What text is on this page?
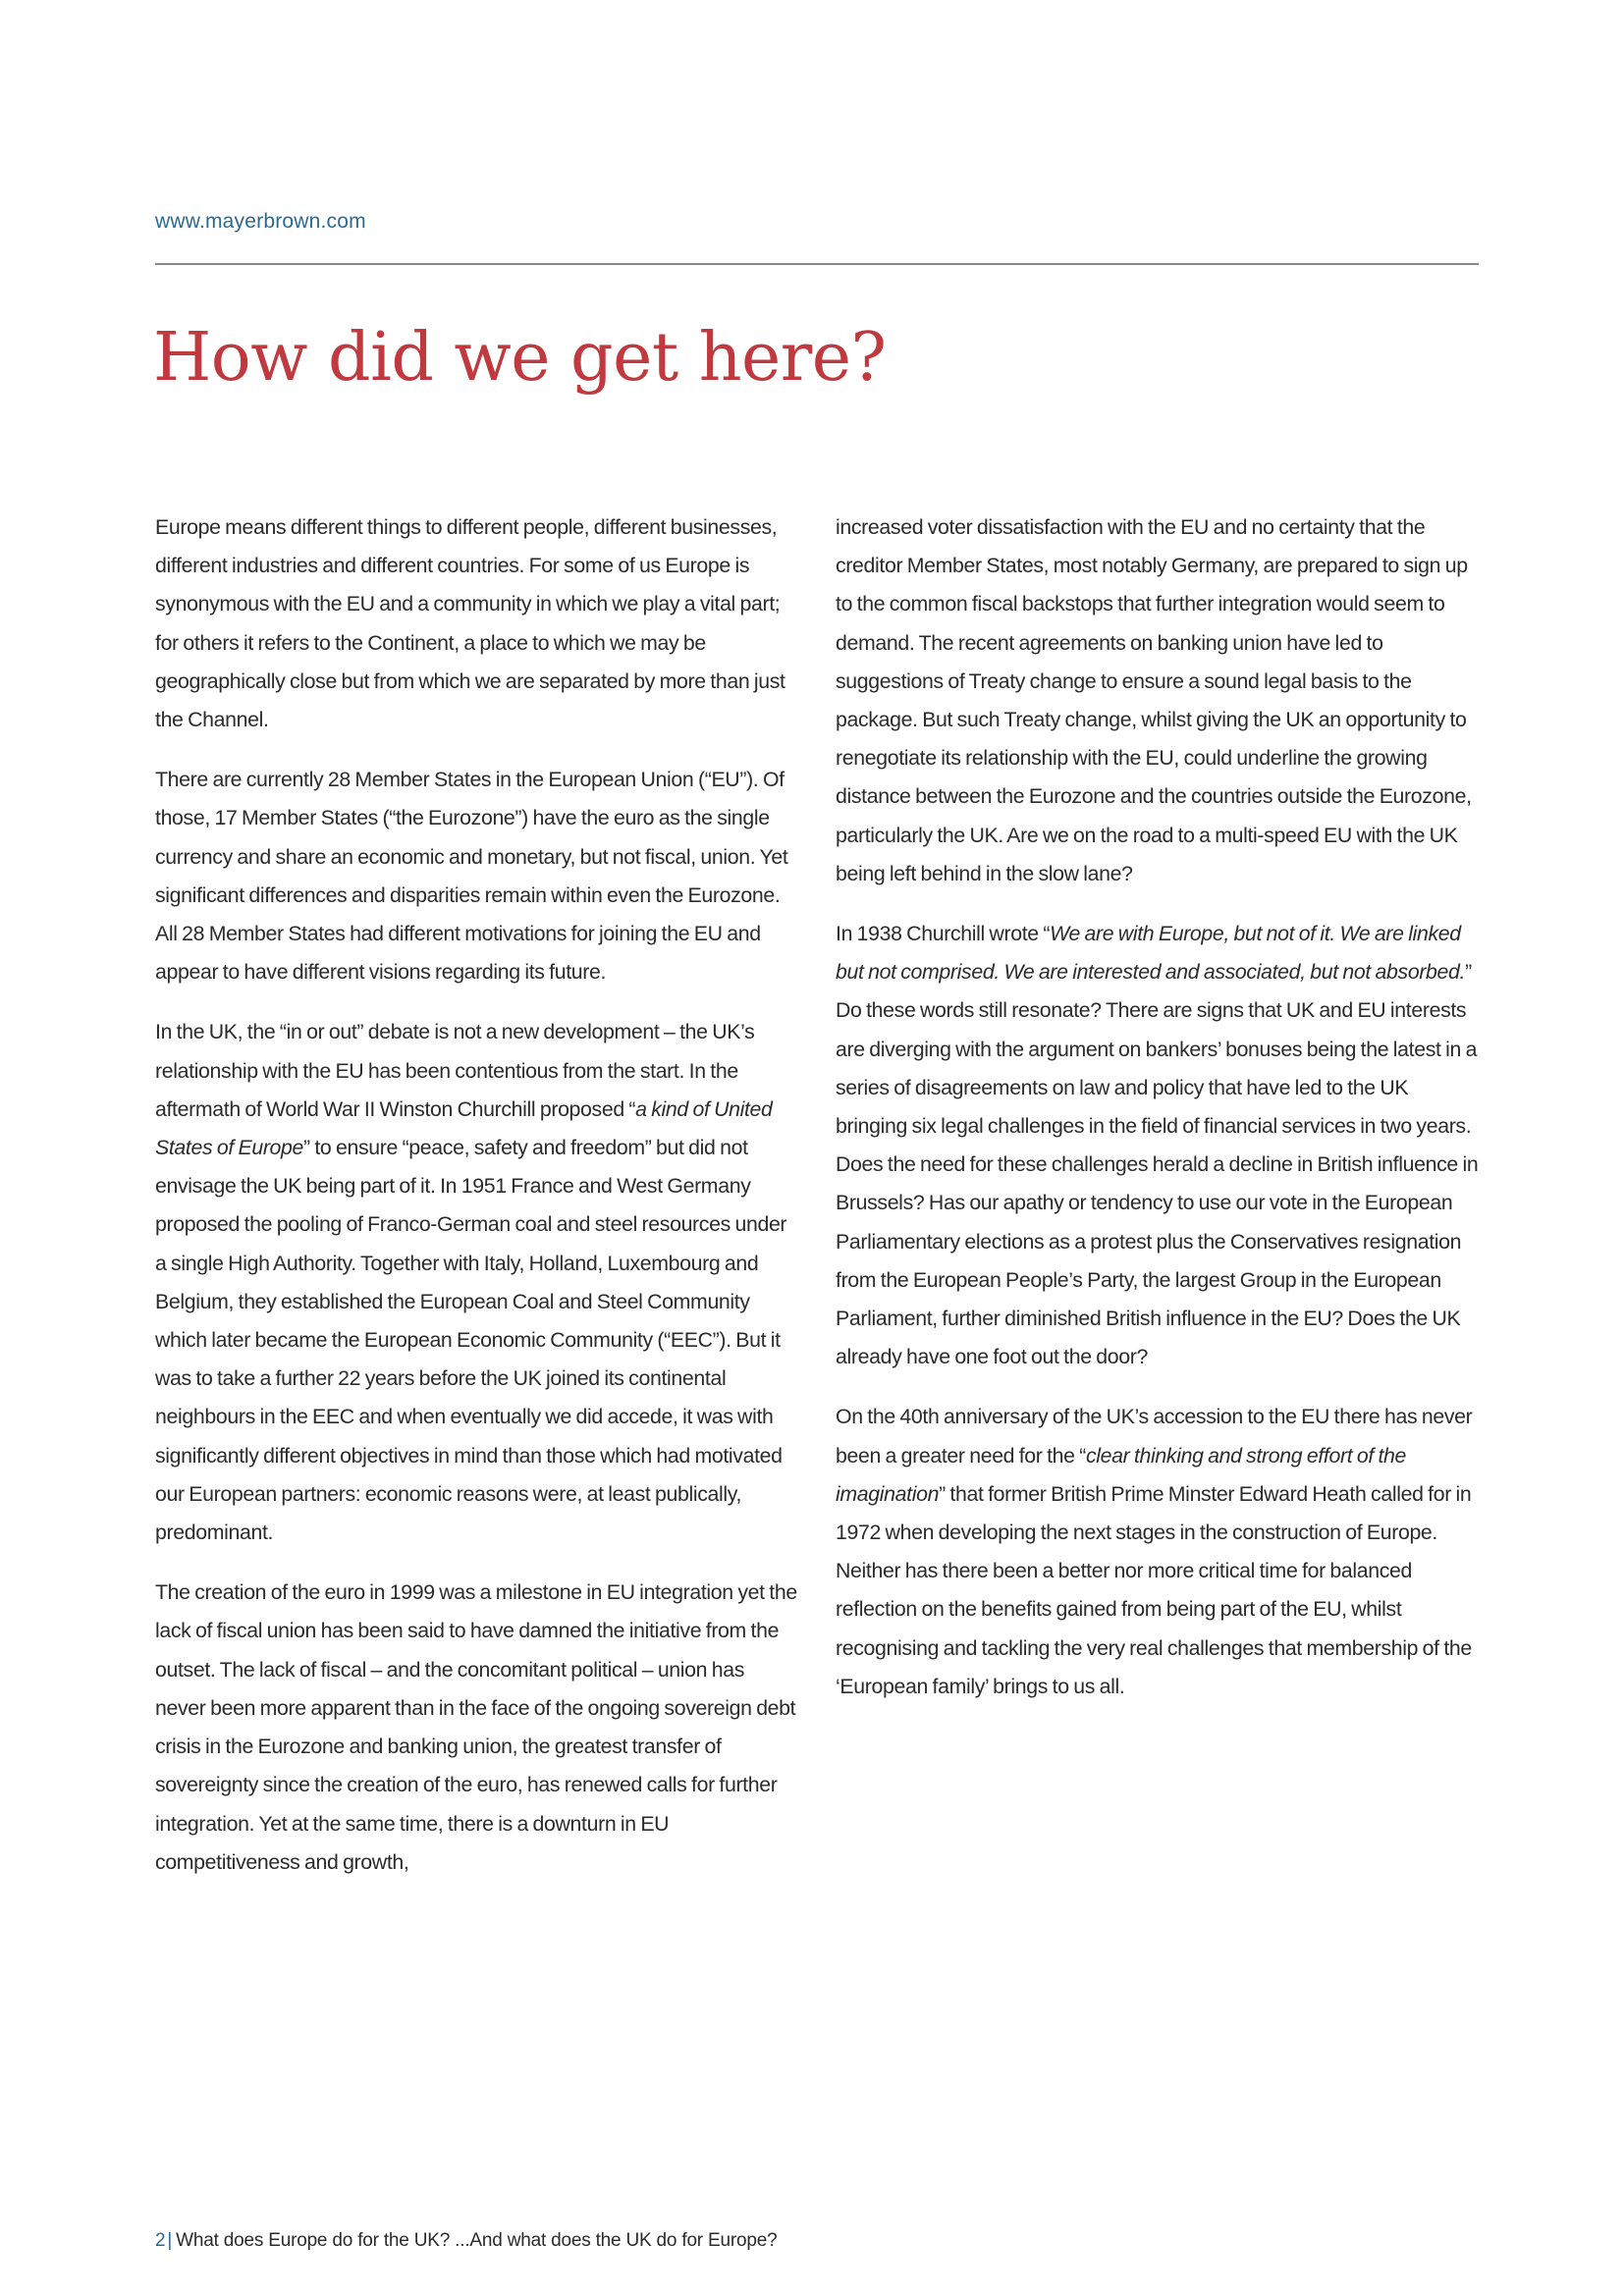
www.mayerbrown.com
How did we get here?

Europe means different things to different people, different businesses, different industries and different countries. For some of us Europe is synonymous with the EU and a community in which we play a vital part; for others it refers to the Continent, a place to which we may be geographically close but from which we are separated by more than just the Channel.

There are currently 28 Member States in the European Union (“EU”). Of those, 17 Member States (“the Eurozone”) have the euro as the single currency and share an economic and monetary, but not fiscal, union. Yet significant differences and disparities remain within even the Eurozone. All 28 Member States had different motivations for joining the EU and appear to have different visions regarding its future.

In the UK, the “in or out” debate is not a new development – the UK’s relationship with the EU has been contentious from the start. In the aftermath of World War II Winston Churchill proposed “a kind of United States of Europe” to ensure “peace, safety and freedom” but did not envisage the UK being part of it. In 1951 France and West Germany proposed the pooling of Franco-German coal and steel resources under a single High Authority. Together with Italy, Holland, Luxembourg and Belgium, they established the European Coal and Steel Community which later became the European Economic Community (“EEC”). But it was to take a further 22 years before the UK joined its continental neighbours in the EEC and when eventually we did accede, it was with significantly different objectives in mind than those which had motivated our European partners: economic reasons were, at least publically, predominant.

The creation of the euro in 1999 was a milestone in EU integration yet the lack of fiscal union has been said to have damned the initiative from the outset. The lack of fiscal – and the concomitant political – union has never been more apparent than in the face of the ongoing sovereign debt crisis in the Eurozone and banking union, the greatest transfer of sovereignty since the creation of the euro, has renewed calls for further integration. Yet at the same time, there is a downturn in EU competitiveness and growth,

increased voter dissatisfaction with the EU and no certainty that the creditor Member States, most notably Germany, are prepared to sign up to the common fiscal backstops that further integration would seem to demand. The recent agreements on banking union have led to suggestions of Treaty change to ensure a sound legal basis to the package. But such Treaty change, whilst giving the UK an opportunity to renegotiate its relationship with the EU, could underline the growing distance between the Eurozone and the countries outside the Eurozone, particularly the UK. Are we on the road to a multi-speed EU with the UK being left behind in the slow lane?

In 1938 Churchill wrote “We are with Europe, but not of it. We are linked but not comprised. We are interested and associated, but not absorbed.” Do these words still resonate? There are signs that UK and EU interests are diverging with the argument on bankers’ bonuses being the latest in a series of disagreements on law and policy that have led to the UK bringing six legal challenges in the field of financial services in two years. Does the need for these challenges herald a decline in British influence in Brussels? Has our apathy or tendency to use our vote in the European Parliamentary elections as a protest plus the Conservatives resignation from the European People’s Party, the largest Group in the European Parliament, further diminished British influence in the EU? Does the UK already have one foot out the door?

On the 40th anniversary of the UK’s accession to the EU there has never been a greater need for the “clear thinking and strong effort of the imagination” that former British Prime Minster Edward Heath called for in 1972 when developing the next stages in the construction of Europe. Neither has there been a better nor more critical time for balanced reflection on the benefits gained from being part of the EU, whilst recognising and tackling the very real challenges that membership of the ‘European family’ brings to us all.

2 | What does Europe do for the UK? ...And what does the UK do for Europe?
